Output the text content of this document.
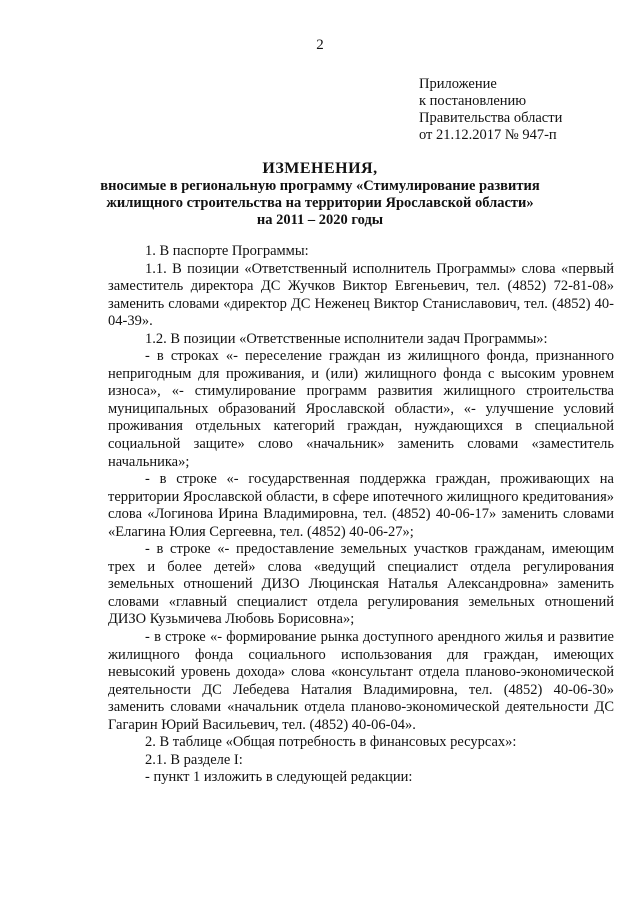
2
Приложение
к постановлению
Правительства области
от 21.12.2017 № 947-п
ИЗМЕНЕНИЯ,
вносимые в региональную программу «Стимулирование развития
жилищного строительства на территории Ярославской области»
на 2011 – 2020 годы

1. В паспорте Программы:

1.1. В позиции «Ответственный исполнитель Программы» слова «первый заместитель директора ДС Жучков Виктор Евгеньевич, тел. (4852) 72-81-08» заменить словами «директор ДС Неженец Виктор Станиславович, тел. (4852) 40-04-39».

1.2. В позиции «Ответственные исполнители задач Программы»:

- в строках «- переселение граждан из жилищного фонда, признанного непригодным для проживания, и (или) жилищного фонда с высоким уровнем износа», «- стимулирование программ развития жилищного строительства муниципальных образований Ярославской области», «- улучшение условий проживания отдельных категорий граждан, нуждающихся в специальной социальной защите» слово «начальник» заменить словами «заместитель начальника»;

- в строке «- государственная поддержка граждан, проживающих на территории Ярославской области, в сфере ипотечного жилищного кредитования» слова «Логинова Ирина Владимировна, тел. (4852) 40-06-17» заменить словами «Елагина Юлия Сергеевна, тел. (4852) 40-06-27»;

- в строке «- предоставление земельных участков гражданам, имеющим трех и более детей» слова «ведущий специалист отдела регулирования земельных отношений ДИЗО Люцинская Наталья Александровна» заменить словами «главный специалист отдела регулирования земельных отношений ДИЗО Кузьмичева Любовь Борисовна»;

- в строке «- формирование рынка доступного арендного жилья и развитие жилищного фонда социального использования для граждан, имеющих невысокий уровень дохода» слова «консультант отдела планово-экономической деятельности ДС Лебедева Наталия Владимировна, тел. (4852) 40-06-30» заменить словами «начальник отдела планово-экономической деятельности ДС Гагарин Юрий Васильевич, тел. (4852) 40-06-04».

2. В таблице «Общая потребность в финансовых ресурсах»:

2.1. В разделе I:

- пункт 1 изложить в следующей редакции:
